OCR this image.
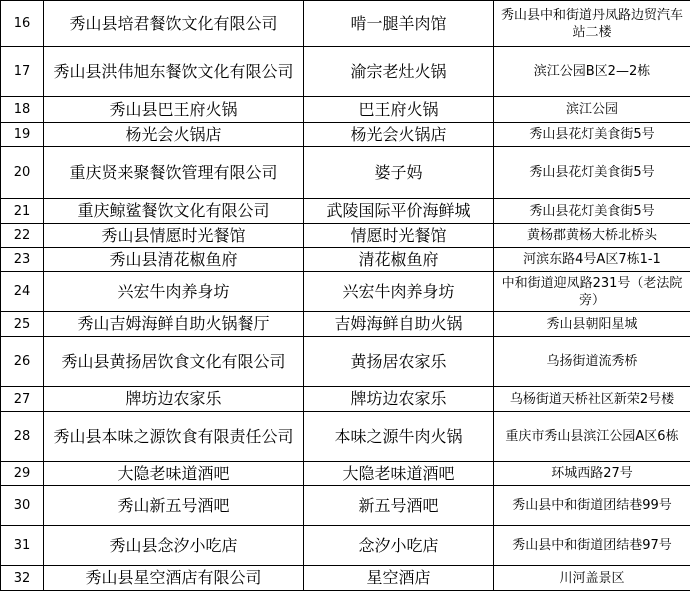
16	秀山县培君餐饮文化有限公司	啃一腿羊肉馆	秀山县中和街道丹凤路边贸汽车站二楼
17	秀山县洪伟旭东餐饮文化有限公司	渝宗老灶火锅	滨江公园B区2—2栋
18	秀山县巴王府火锅	巴王府火锅	滨江公园
19	杨光会火锅店	杨光会火锅店	秀山县花灯美食街5号
20	重庆贤来聚餐饮管理有限公司	婆子妈	秀山县花灯美食街5号
21	重庆鲸鲨餐饮文化有限公司	武陵国际平价海鲜城	秀山县花灯美食街5号
22	秀山县情愿时光餐馆	情愿时光餐馆	黄杨郡黄杨大桥北桥头
23	秀山县清花椒鱼府	清花椒鱼府	河滨东路4号A区7栋1-1
24	兴宏牛肉养身坊	兴宏牛肉养身坊	中和街道迎凤路231号（老法院旁）
25	秀山吉姆海鲜自助火锅餐厅	吉姆海鲜自助火锅	秀山县朝阳星城
26	秀山县黄扬居饮食文化有限公司	黄扬居农家乐	乌扬街道流秀桥
27	牌坊边农家乐	牌坊边农家乐	乌杨街道天桥社区新荣2号楼
28	秀山县本味之源饮食有限责任公司	本味之源牛肉火锅	重庆市秀山县滨江公园A区6栋
29	大隐老味道酒吧	大隐老味道酒吧	环城西路27号
30	秀山新五号酒吧	新五号酒吧	秀山县中和街道团结巷99号
31	秀山县念汐小吃店	念汐小吃店	秀山县中和街道团结巷97号
32	秀山县星空酒店有限公司	星空酒店	川河盖景区
